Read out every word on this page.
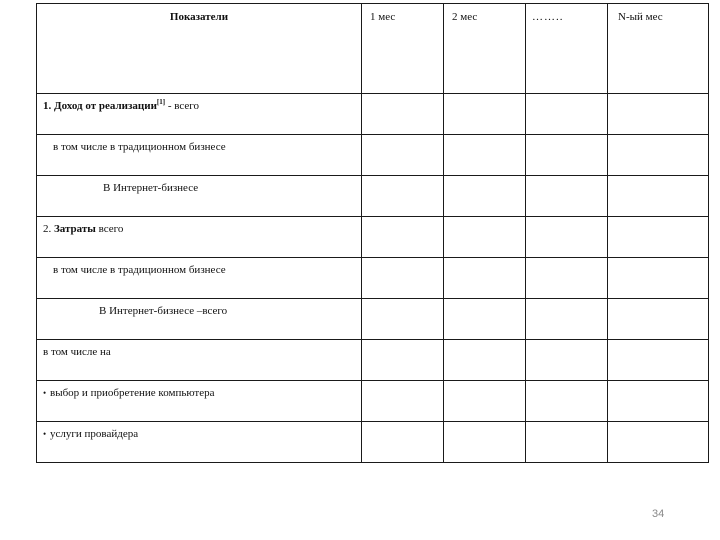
Показатели	1 мес	2 мес	……..	N-ый мес

1. Доход от реализации[1] - всего				

в том числе в традиционном бизнесе				

В Интернет-бизнесе				

2. Затраты всего				

в том числе в традиционном бизнесе				

В Интернет-бизнесе –всего				

в том числе на				

• выбор и приобретение компьютера				

• услуги провайдера				

34
